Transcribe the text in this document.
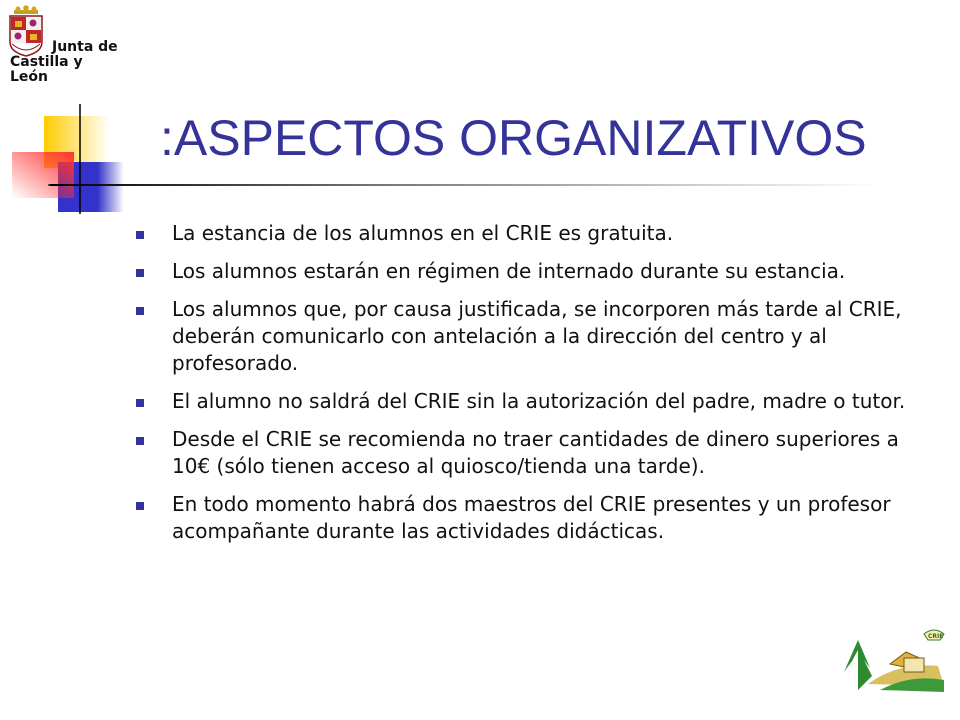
Junta de
Castilla y León
:ASPECTOS ORGANIZATIVOS
La estancia de los alumnos en el CRIE es gratuita.
Los alumnos estarán en régimen de internado durante su estancia.
Los alumnos que, por causa justificada, se incorporen más tarde al CRIE, deberán comunicarlo con antelación a la dirección del centro y al profesorado.
El alumno no saldrá del CRIE sin la autorización del padre, madre o tutor.
Desde el CRIE se recomienda no traer cantidades de dinero superiores a 10€ (sólo tienen acceso al quiosco/tienda una tarde).
En todo momento habrá dos maestros del CRIE presentes y un profesor acompañante durante las actividades didácticas.
CRIE
